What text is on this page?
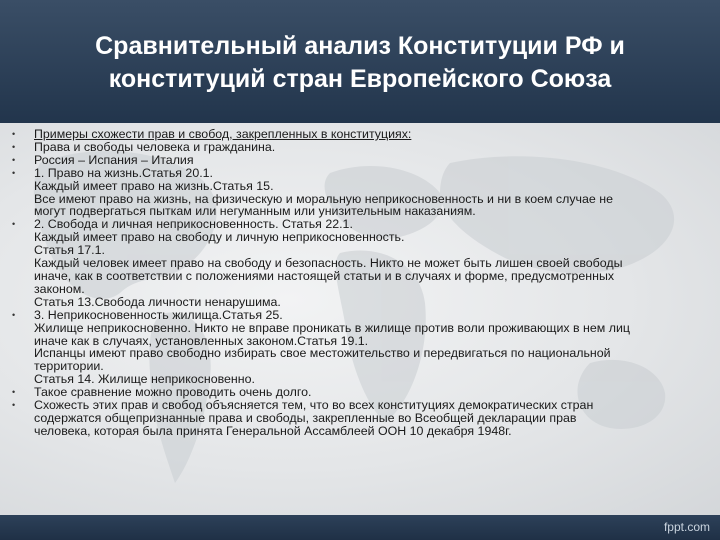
Сравнительный анализ Конституции РФ и
конституций стран Европейского Союза
•	Примеры схожести прав и свобод, закрепленных в конституциях:
•	Права и свободы человека и гражданина.
•	Россия – Испания – Италия
•	1. Право на жизнь.Статья 20.1.
Каждый имеет право на жизнь.Статья 15.
Все имеют право на жизнь, на физическую и моральную неприкосновенность и ни в коем случае не
могут подвергаться пыткам или негуманным или унизительным наказаниям.
•	2. Свобода и личная неприкосновенность. Статья 22.1.
Каждый имеет право на свободу и личную неприкосновенность.
Статья 17.1.
Каждый человек имеет право на свободу и безопасность. Никто не может быть лишен своей свободы
иначе, как в соответствии с положениями настоящей статьи и в случаях и форме, предусмотренных
законом.
Статья 13.Свобода личности ненарушима.
•	3. Неприкосновенность жилища.Статья 25.
Жилище неприкосновенно. Никто не вправе проникать в жилище против воли проживающих в нем лиц
иначе как в случаях, установленных законом.Статья 19.1.
Испанцы имеют право свободно избирать свое местожительство и передвигаться по национальной
территории.
Статья 14. Жилище неприкосновенно.
•	Такое сравнение можно проводить очень долго.
•	Схожесть этих прав и свобод объясняется тем, что во всех конституциях демократических стран
содержатся общепризнанные права и свободы, закрепленные во Всеобщей декларации прав
человека, которая была принята Генеральной Ассамблеей ООН 10 декабря 1948г.
fppt.com
